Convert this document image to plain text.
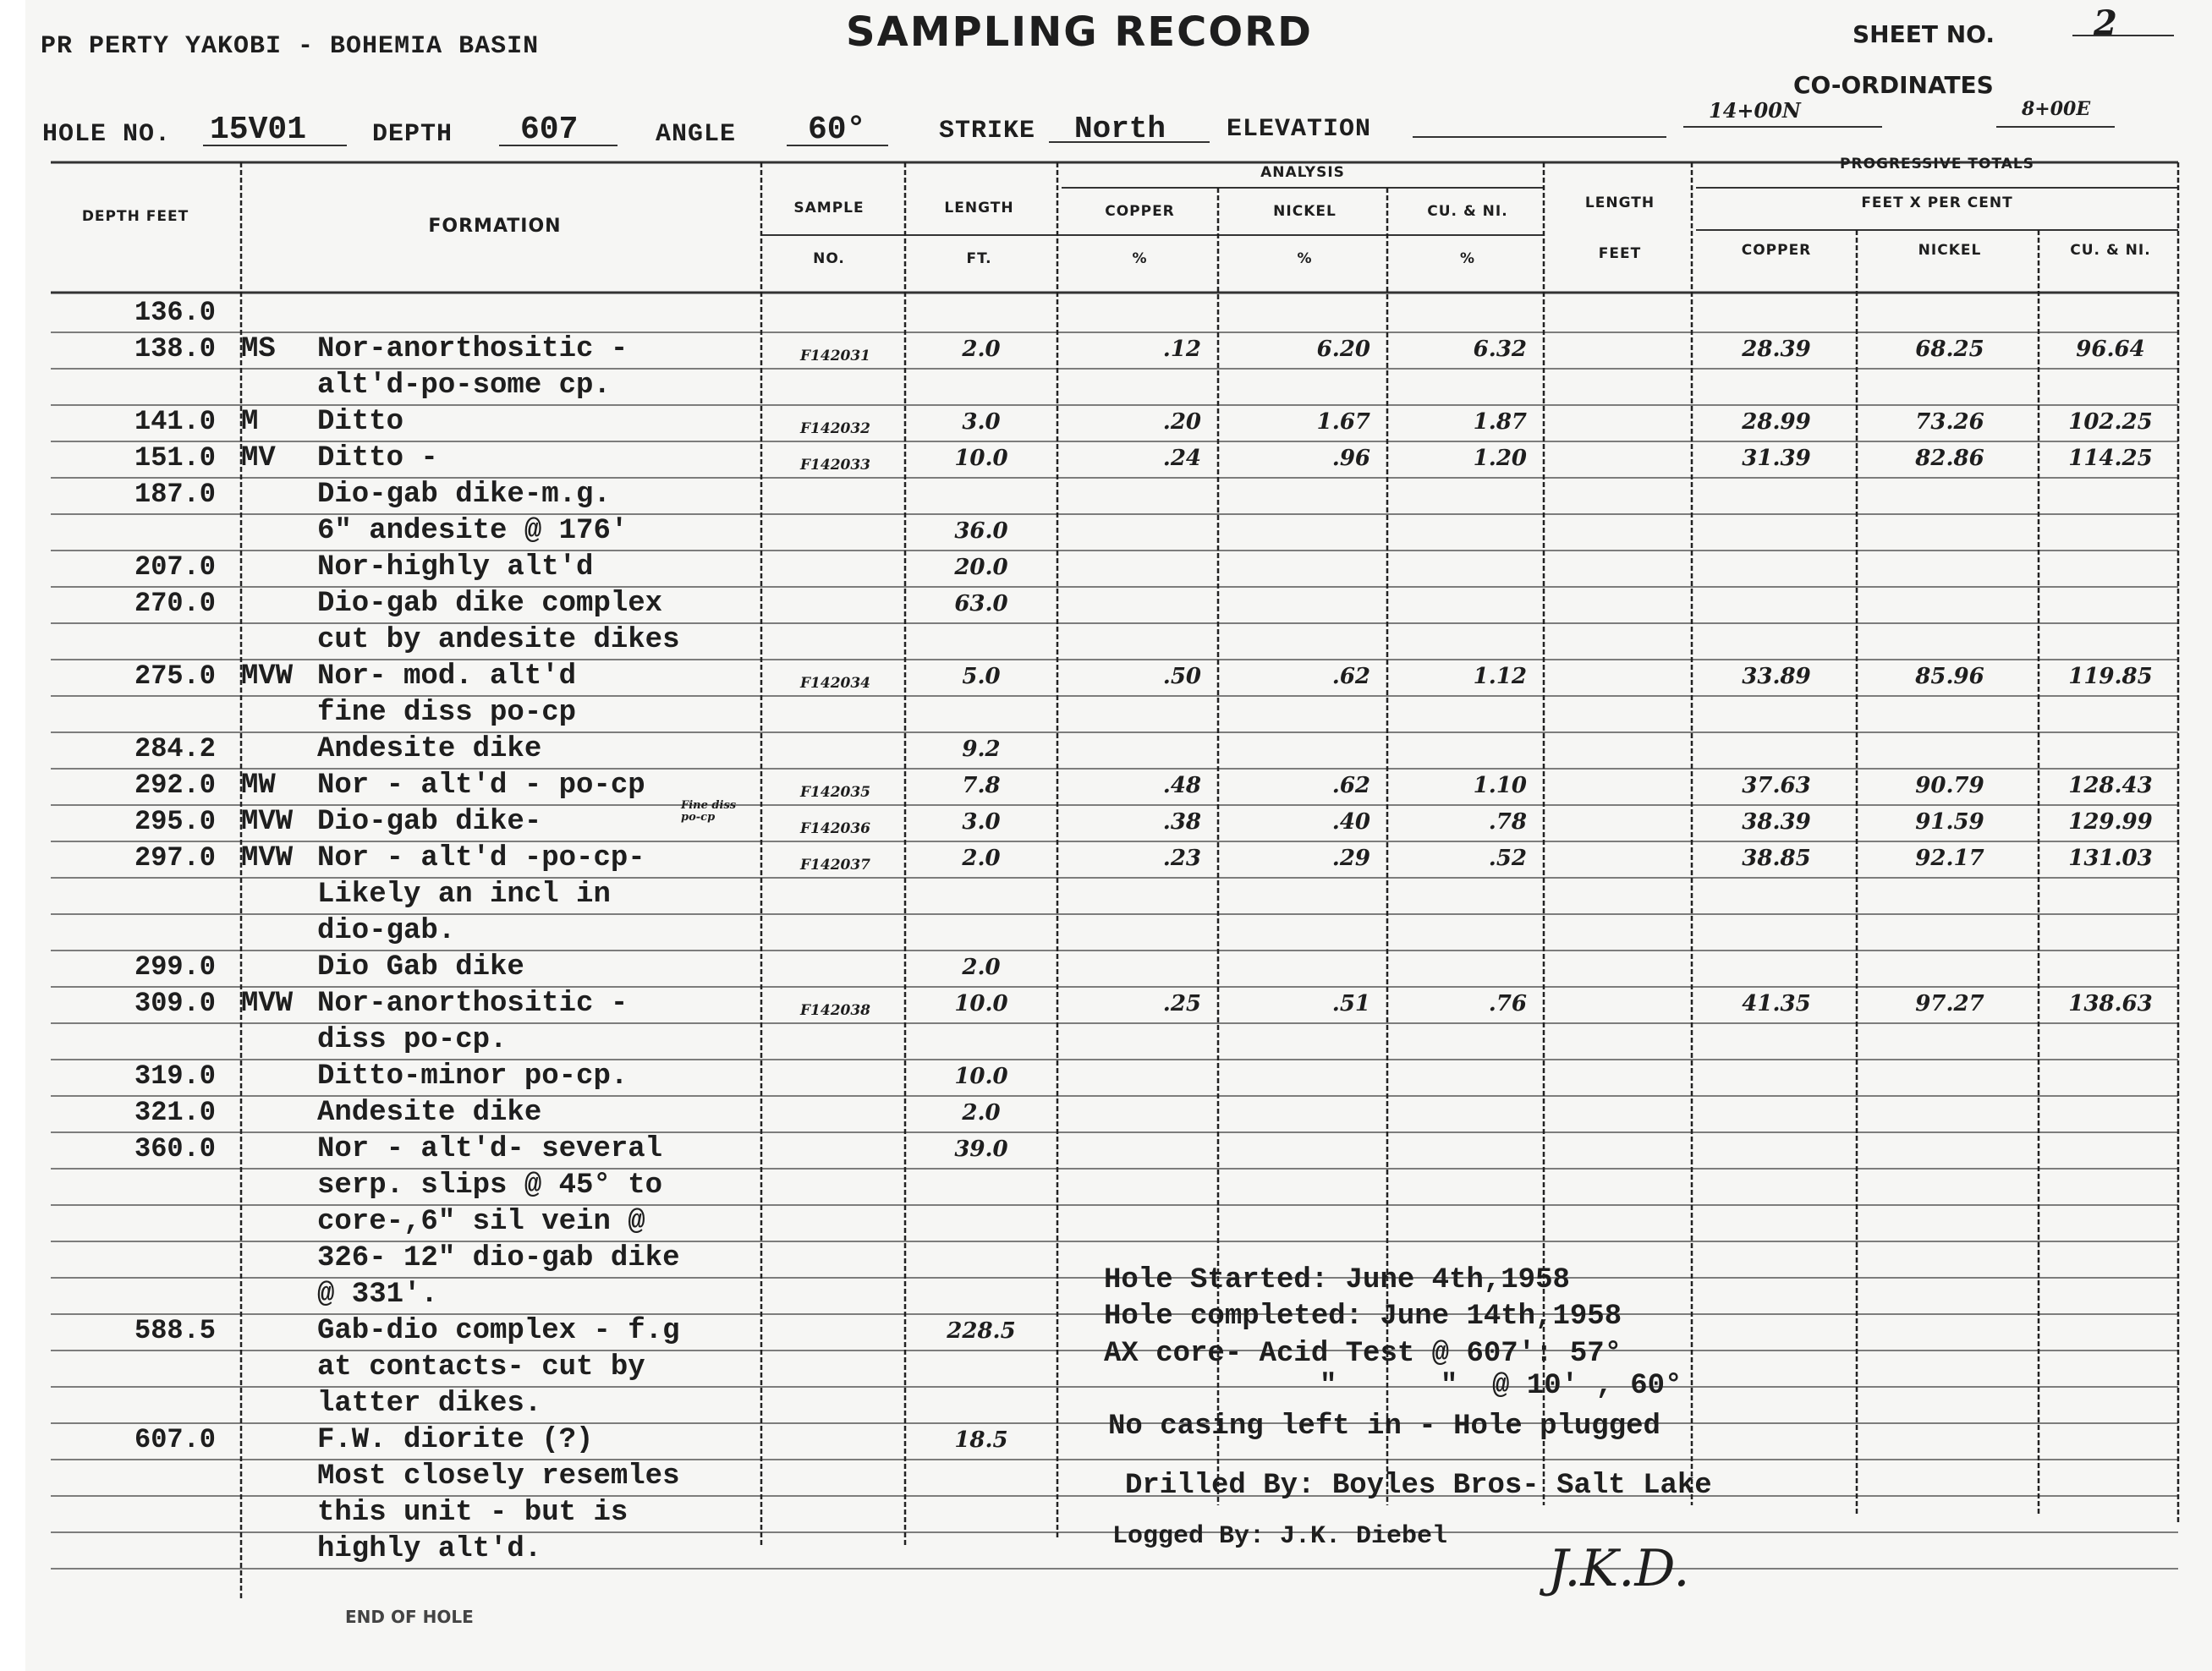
PR PERTY YAKOBI - BOHEMIA BASIN	SAMPLING RECORD	SHEET NO.	2
CO-ORDINATES
14+00N	8+00E
HOLE NO. 15V01	DEPTH 607	ANGLE 60°	STRIKE North ELEVATION
DEPTH FEET	FORMATION
SAMPLE
NO.
LENGTH
FT.
ANALYSIS
COPPER	NICKEL	CU. & NI.
%	%	%
LENGTH
FEET
PROGRESSIVE TOTALS
FEET X PER CENT
COPPER	NICKEL	CU. & NI.
136.0
138.0 MS Nor-anorthositic -	F142031	2.0	.12	6.20	6.32	28.39	68.25	96.64
alt'd-po-some cp.
141.0 M Ditto	F142032	3.0	.20	1.67	1.87	28.99	73.26	102.25
151.0 MV Ditto -	F142033	10.0	.24	.96	1.20	31.39	82.86	114.25
187.0	Dio-gab dike-m.g.
6" andesite @ 176'	36.0
207.0	Nor-highly alt'd	20.0
270.0	Dio-gab dike complex	63.0
cut by andesite dikes
275.0 MVW Nor- mod. alt'd	F142034	5.0	.50	.62	1.12	33.89	85.96	119.85
fine diss po-cp
284.2	Andesite dike	9.2
292.0 MW Nor - alt'd - po-cp	F142035	7.8	.48	.62	1.10	37.63	90.79	128.43
295.0 MVW Dio-gab dike-	F142036	3.0	.38	.40	.78	38.39	91.59	129.99
Fine diss po-cp
297.0 MVW Nor - alt'd -po-cp-	F142037	2.0	.23	.29	.52	38.85	92.17	131.03
Likely an incl in
dio-gab.
299.0	Dio Gab dike	2.0
309.0 MVW Nor-anorthositic -	F142038	10.0	.25	.51	.76	41.35	97.27	138.63
diss po-cp.
319.0	Ditto-minor po-cp.	10.0
321.0	Andesite dike	2.0
360.0	Nor - alt'd- several	39.0
serp. slips @ 45° to
core-,6" sil vein @
326- 12" dio-gab dike
@ 331'.
588.5	Gab-dio complex - f.g	228.5
at contacts- cut by
latter dikes.
607.0	F.W. diorite (?)	18.5
Most closely resemles
this unit - but is
highly alt'd.
END OF HOLE
Hole Started: June 4th,1958
Hole completed: June 14th,1958
AX core- Acid Test @ 607': 57°
"      "  @ 10' , 60°
No casing left in - Hole plugged
Drilled By: Boyles Bros- Salt Lake
Logged By: J.K. Diebel
J.K.D.
